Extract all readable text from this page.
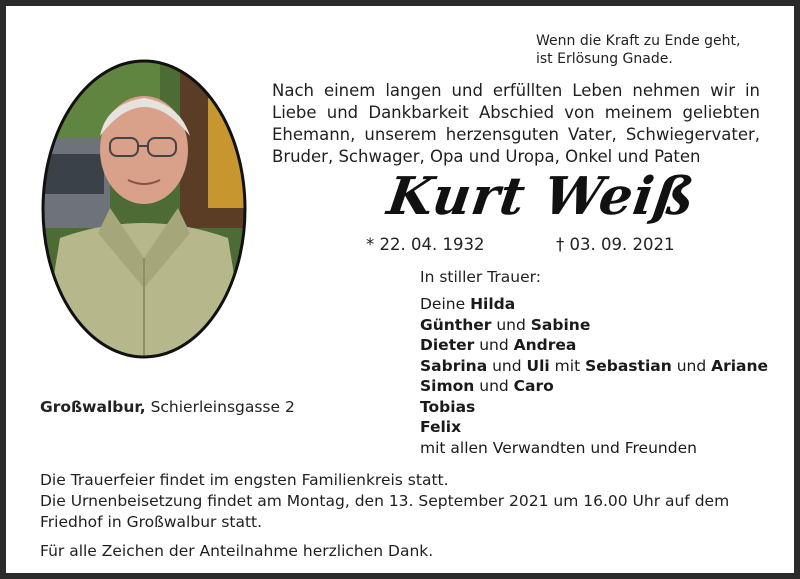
Wenn die Kraft zu Ende geht,
ist Erlösung Gnade.
Nach einem langen und erfüllten Leben nehmen wir in Liebe und Dankbarkeit Abschied von meinem geliebten Ehemann, unserem herzensguten Vater, Schwiegervater, Bruder, Schwager, Opa und Uropa, Onkel und Paten
Kurt Weiß
* 22. 04. 1932	† 03. 09. 2021
In stiller Trauer:
Deine Hilda
Günther und Sabine
Dieter und Andrea
Sabrina und Uli mit Sebastian und Ariane
Simon und Caro
Tobias
Felix
mit allen Verwandten und Freunden
Großwalbur, Schierleinsgasse 2

Die Trauerfeier findet im engsten Familienkreis statt.

Die Urnenbeisetzung findet am Montag, den 13. September 2021 um 16.00 Uhr auf dem Friedhof in Großwalbur statt.

Für alle Zeichen der Anteilnahme herzlichen Dank.
